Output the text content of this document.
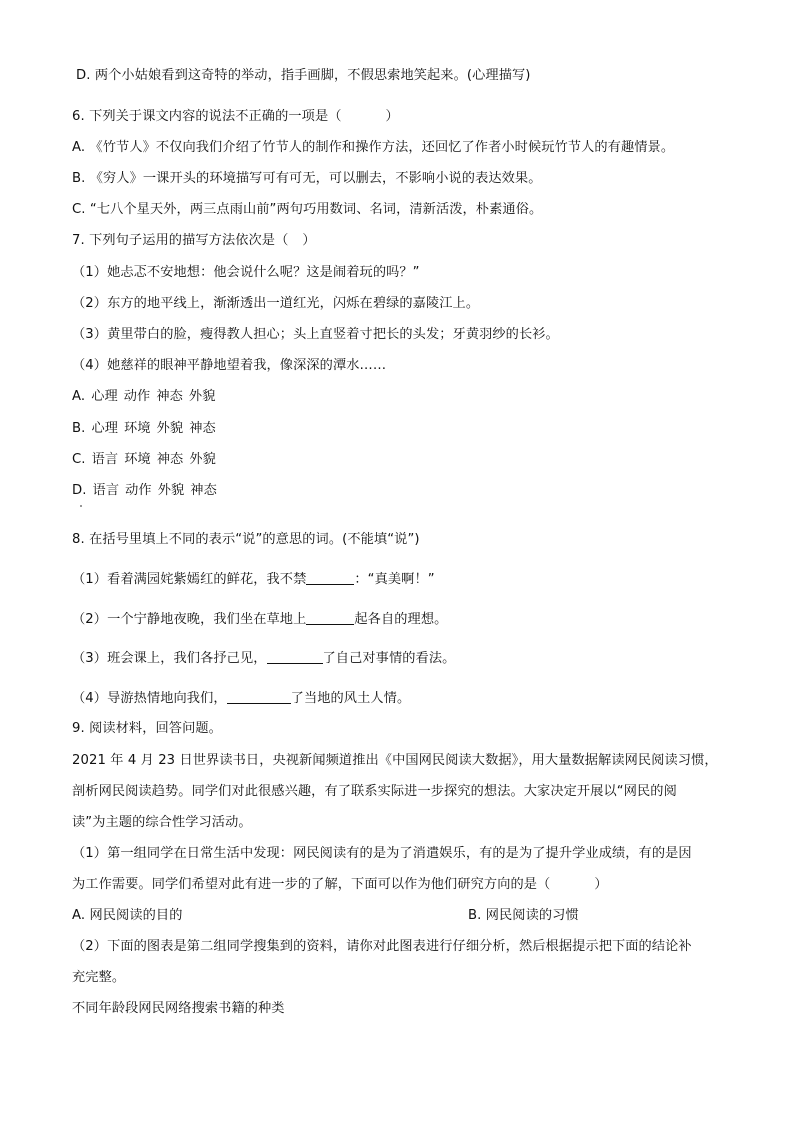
D. 两个小姑娘看到这奇特的举动，指手画脚，不假思索地笑起来。(心理描写)
6. 下列关于课文内容的说法不正确的一项是（	）
A. 《竹节人》不仅向我们介绍了竹节人的制作和操作方法，还回忆了作者小时候玩竹节人的有趣情景。
B. 《穷人》一课开头的环境描写可有可无，可以删去，不影响小说的表达效果。
C. “七八个星天外，两三点雨山前”两句巧用数词、名词，清新活泼，朴素通俗。
7. 下列句子运用的描写方法依次是（ ）
（1）她忐忑不安地想：他会说什么呢？这是闹着玩的吗？”
（2）东方的地平线上，渐渐透出一道红光，闪烁在碧绿的嘉陵江上。
（3）黄里带白的脸，瘦得教人担心；头上直竖着寸把长的头发；牙黄羽纱的长衫。
（4）她慈祥的眼神平静地望着我，像深深的潭水……
A. 心理 动作 神态 外貌
B. 心理 环境 外貌 神态
C. 语言 环境 神态 外貌
D. 语言 动作 外貌 神态
8. 在括号里填上不同的表示“说”的意思的词。(不能填“说”)
（1）看着满园姹紫嫣红的鲜花，我不禁	：“真美啊！”
（2）一个宁静地夜晚，我们坐在草地上	起各自的理想。
（3）班会课上，我们各抒己见，	了自己对事情的看法。
（4）导游热情地向我们，	了当地的风土人情。
9. 阅读材料，回答问题。
2021 年 4 月 23 日世界读书日，央视新闻频道推出《中国网民阅读大数据》，用大量数据解读网民阅读习惯，
剖析网民阅读趋势。同学们对此很感兴趣，有了联系实际进一步探究的想法。大家决定开展以“网民的阅
读”为主题的综合性学习活动。
（1）第一组同学在日常生活中发现：网民阅读有的是为了消遣娱乐，有的是为了提升学业成绩，有的是因
为工作需要。同学们希望对此有进一步的了解，下面可以作为他们研究方向的是（	）
A. 网民阅读的目的	B. 网民阅读的习惯
（2）下面的图表是第二组同学搜集到的资料，请你对此图表进行仔细分析，然后根据提示把下面的结论补
充完整。
不同年龄段网民网络搜索书籍的种类
